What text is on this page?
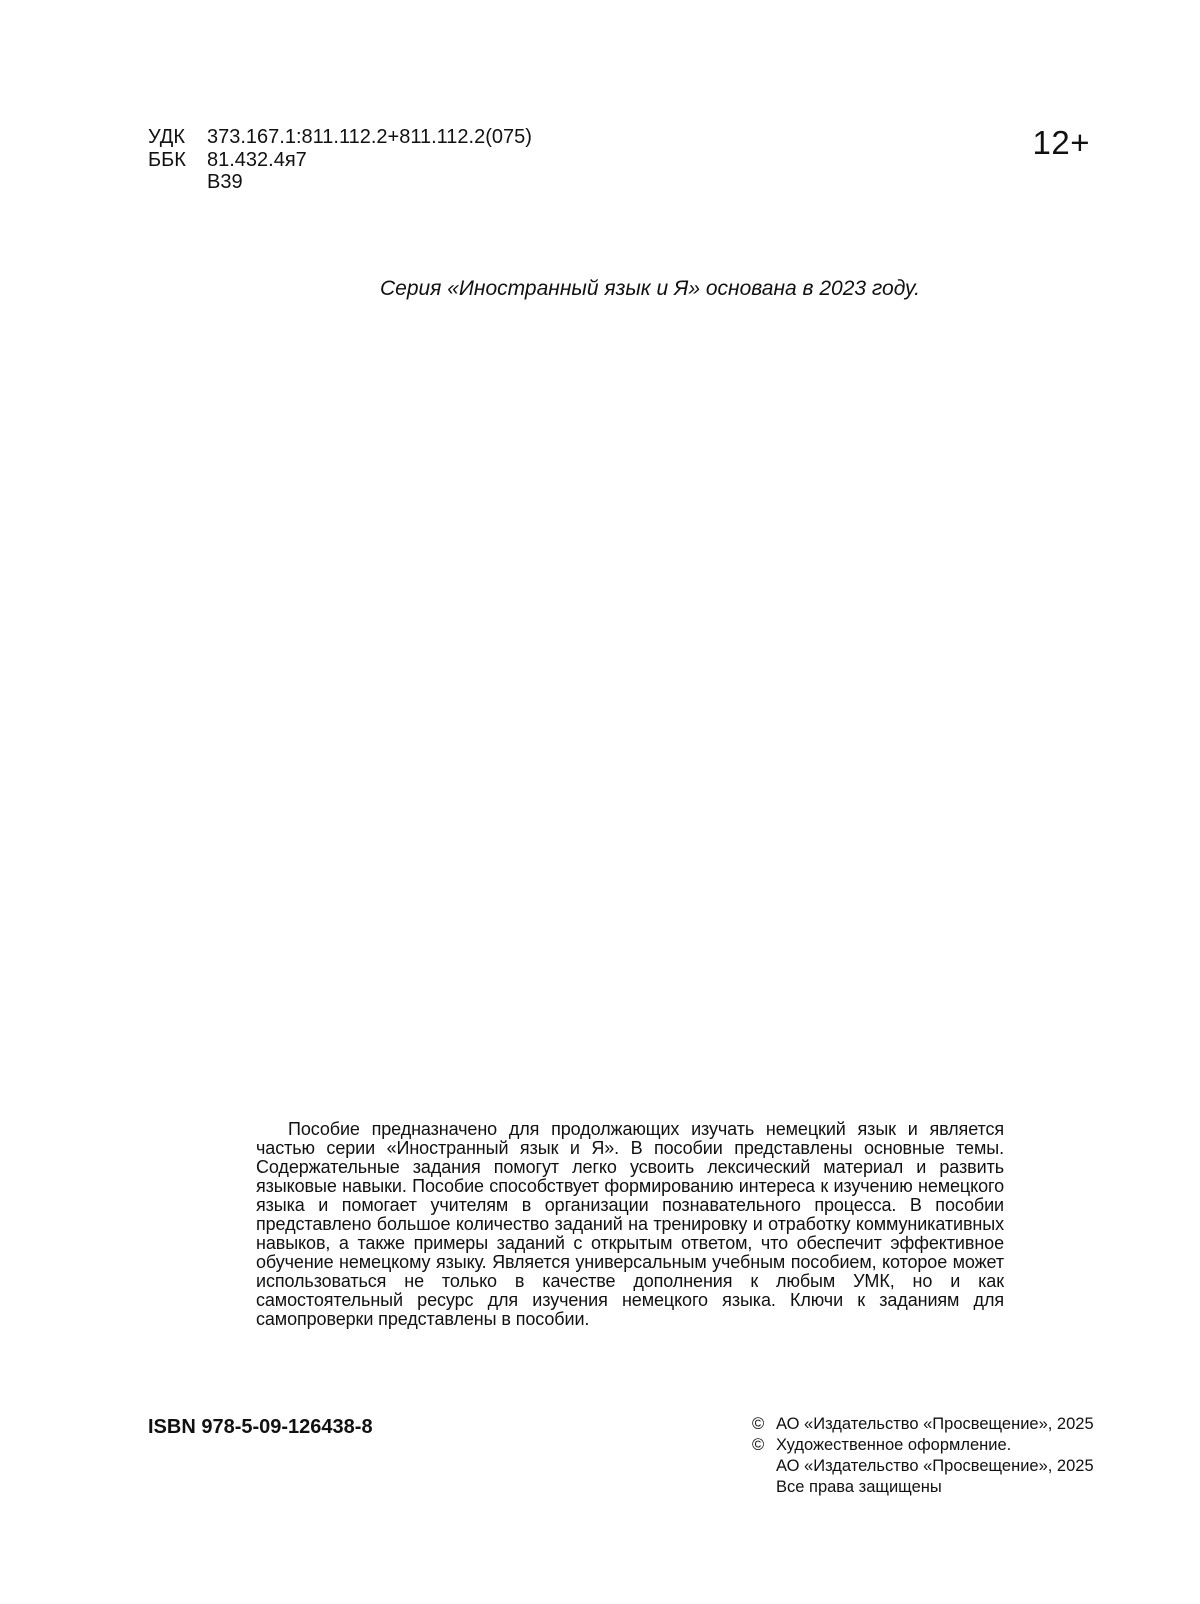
УДК	373.167.1:811.112.2+811.112.2(075)
ББК	81.432.4я7
В39
12+
Серия «Иностранный язык и Я» основана в 2023 году.

Пособие предназначено для продолжающих изучать немецкий язык и является частью серии «Иностранный язык и Я». В пособии представлены основные темы. Содержательные задания помогут легко усвоить лексический материал и развить языковые навыки. Пособие способствует формированию интереса к изучению немецкого языка и помогает учителям в организации познавательного процесса. В пособии представлено большое количество заданий на тренировку и отработку коммуникативных навыков, а также примеры заданий с открытым ответом, что обеспечит эффективное обучение немецкому языку. Является универсальным учебным пособием, которое может использоваться не только в качестве дополнения к любым УМК, но и как самостоятельный ресурс для изучения немецкого языка. Ключи к заданиям для самопроверки представлены в пособии.

ISBN 978-5-09-126438-8	© АО «Издательство «Просвещение», 2025
© Художественное оформление.
АО «Издательство «Просвещение», 2025
Все права защищены
